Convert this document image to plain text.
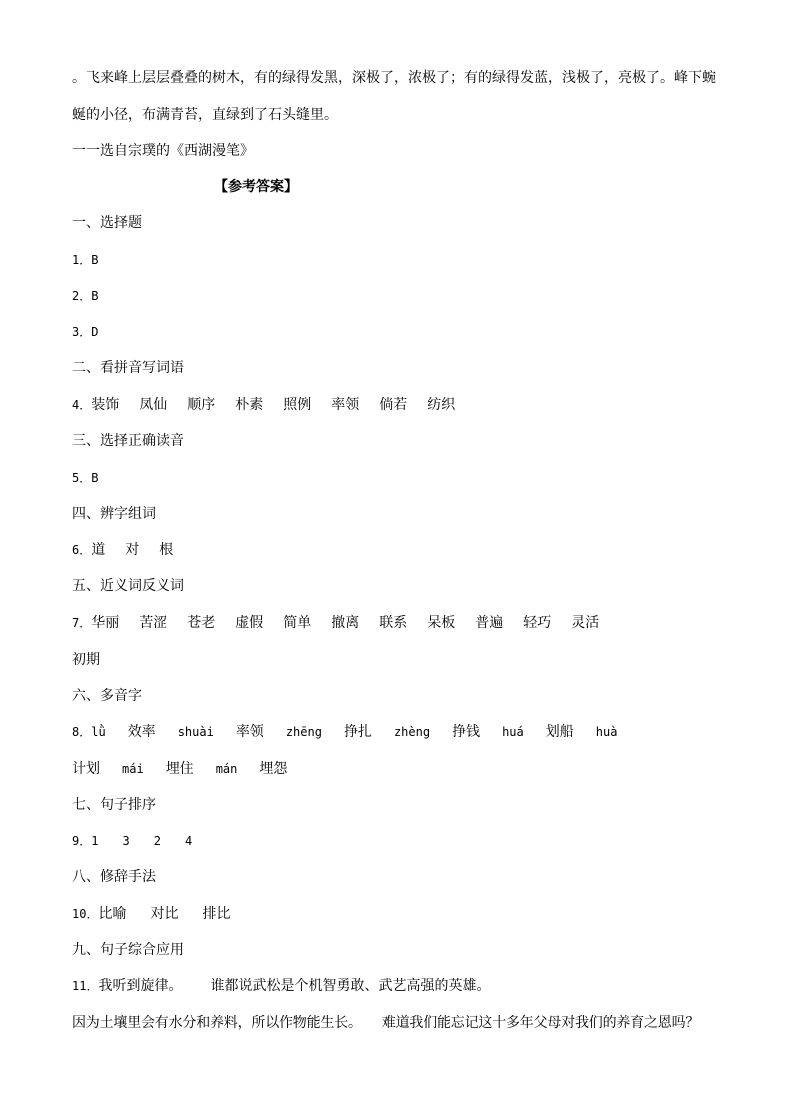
。飞来峰上层层叠叠的树木，有的绿得发黑，深极了，浓极了；有的绿得发蓝，浅极了，亮极了。峰下蜿
蜒的小径，布满青苔，直绿到了石头缝里。
一一选自宗璞的《西湖漫笔》
【参考答案】
一、选择题
1．B
2．B
3．D
二、看拼音写词语
4．装饰 凤仙 顺序 朴素 照例 率领 倘若 纺织
三、选择正确读音
5．B
四、辨字组词
6．道 对 根
五、近义词反义词
7．华丽 苦涩 苍老 虚假 简单 撤离 联系 呆板 普遍 轻巧 灵活
初期
六、多音字
8．lǜ 效率 shuài 率领 zhēng 挣扎 zhèng 挣钱 huá 划船 huà
计划 mái 埋住 mán 埋怨
七、句子排序
9．1 3 2 4
八、修辞手法
10．比喻 对比 排比
九、句子综合应用
11．我听到旋律。 谁都说武松是个机智勇敢、武艺高强的英雄。
因为土壤里会有水分和养料，所以作物能生长。 难道我们能忘记这十多年父母对我们的养育之恩吗？
